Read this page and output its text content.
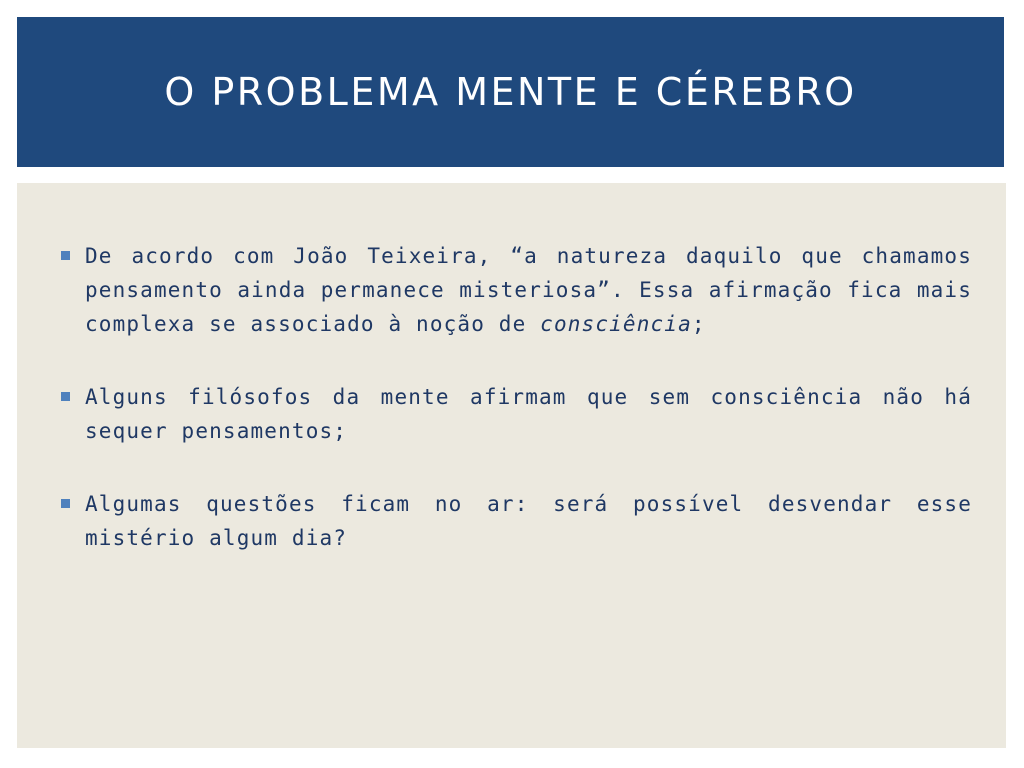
O PROBLEMA MENTE E CÉREBRO
De acordo com João Teixeira, “a natureza daquilo que chamamos pensamento ainda permanece misteriosa”. Essa afirmação fica mais complexa se associado à noção de consciência;
Alguns filósofos da mente afirmam que sem consciência não há sequer pensamentos;
Algumas questões ficam no ar: será possível desvendar esse mistério algum dia?
